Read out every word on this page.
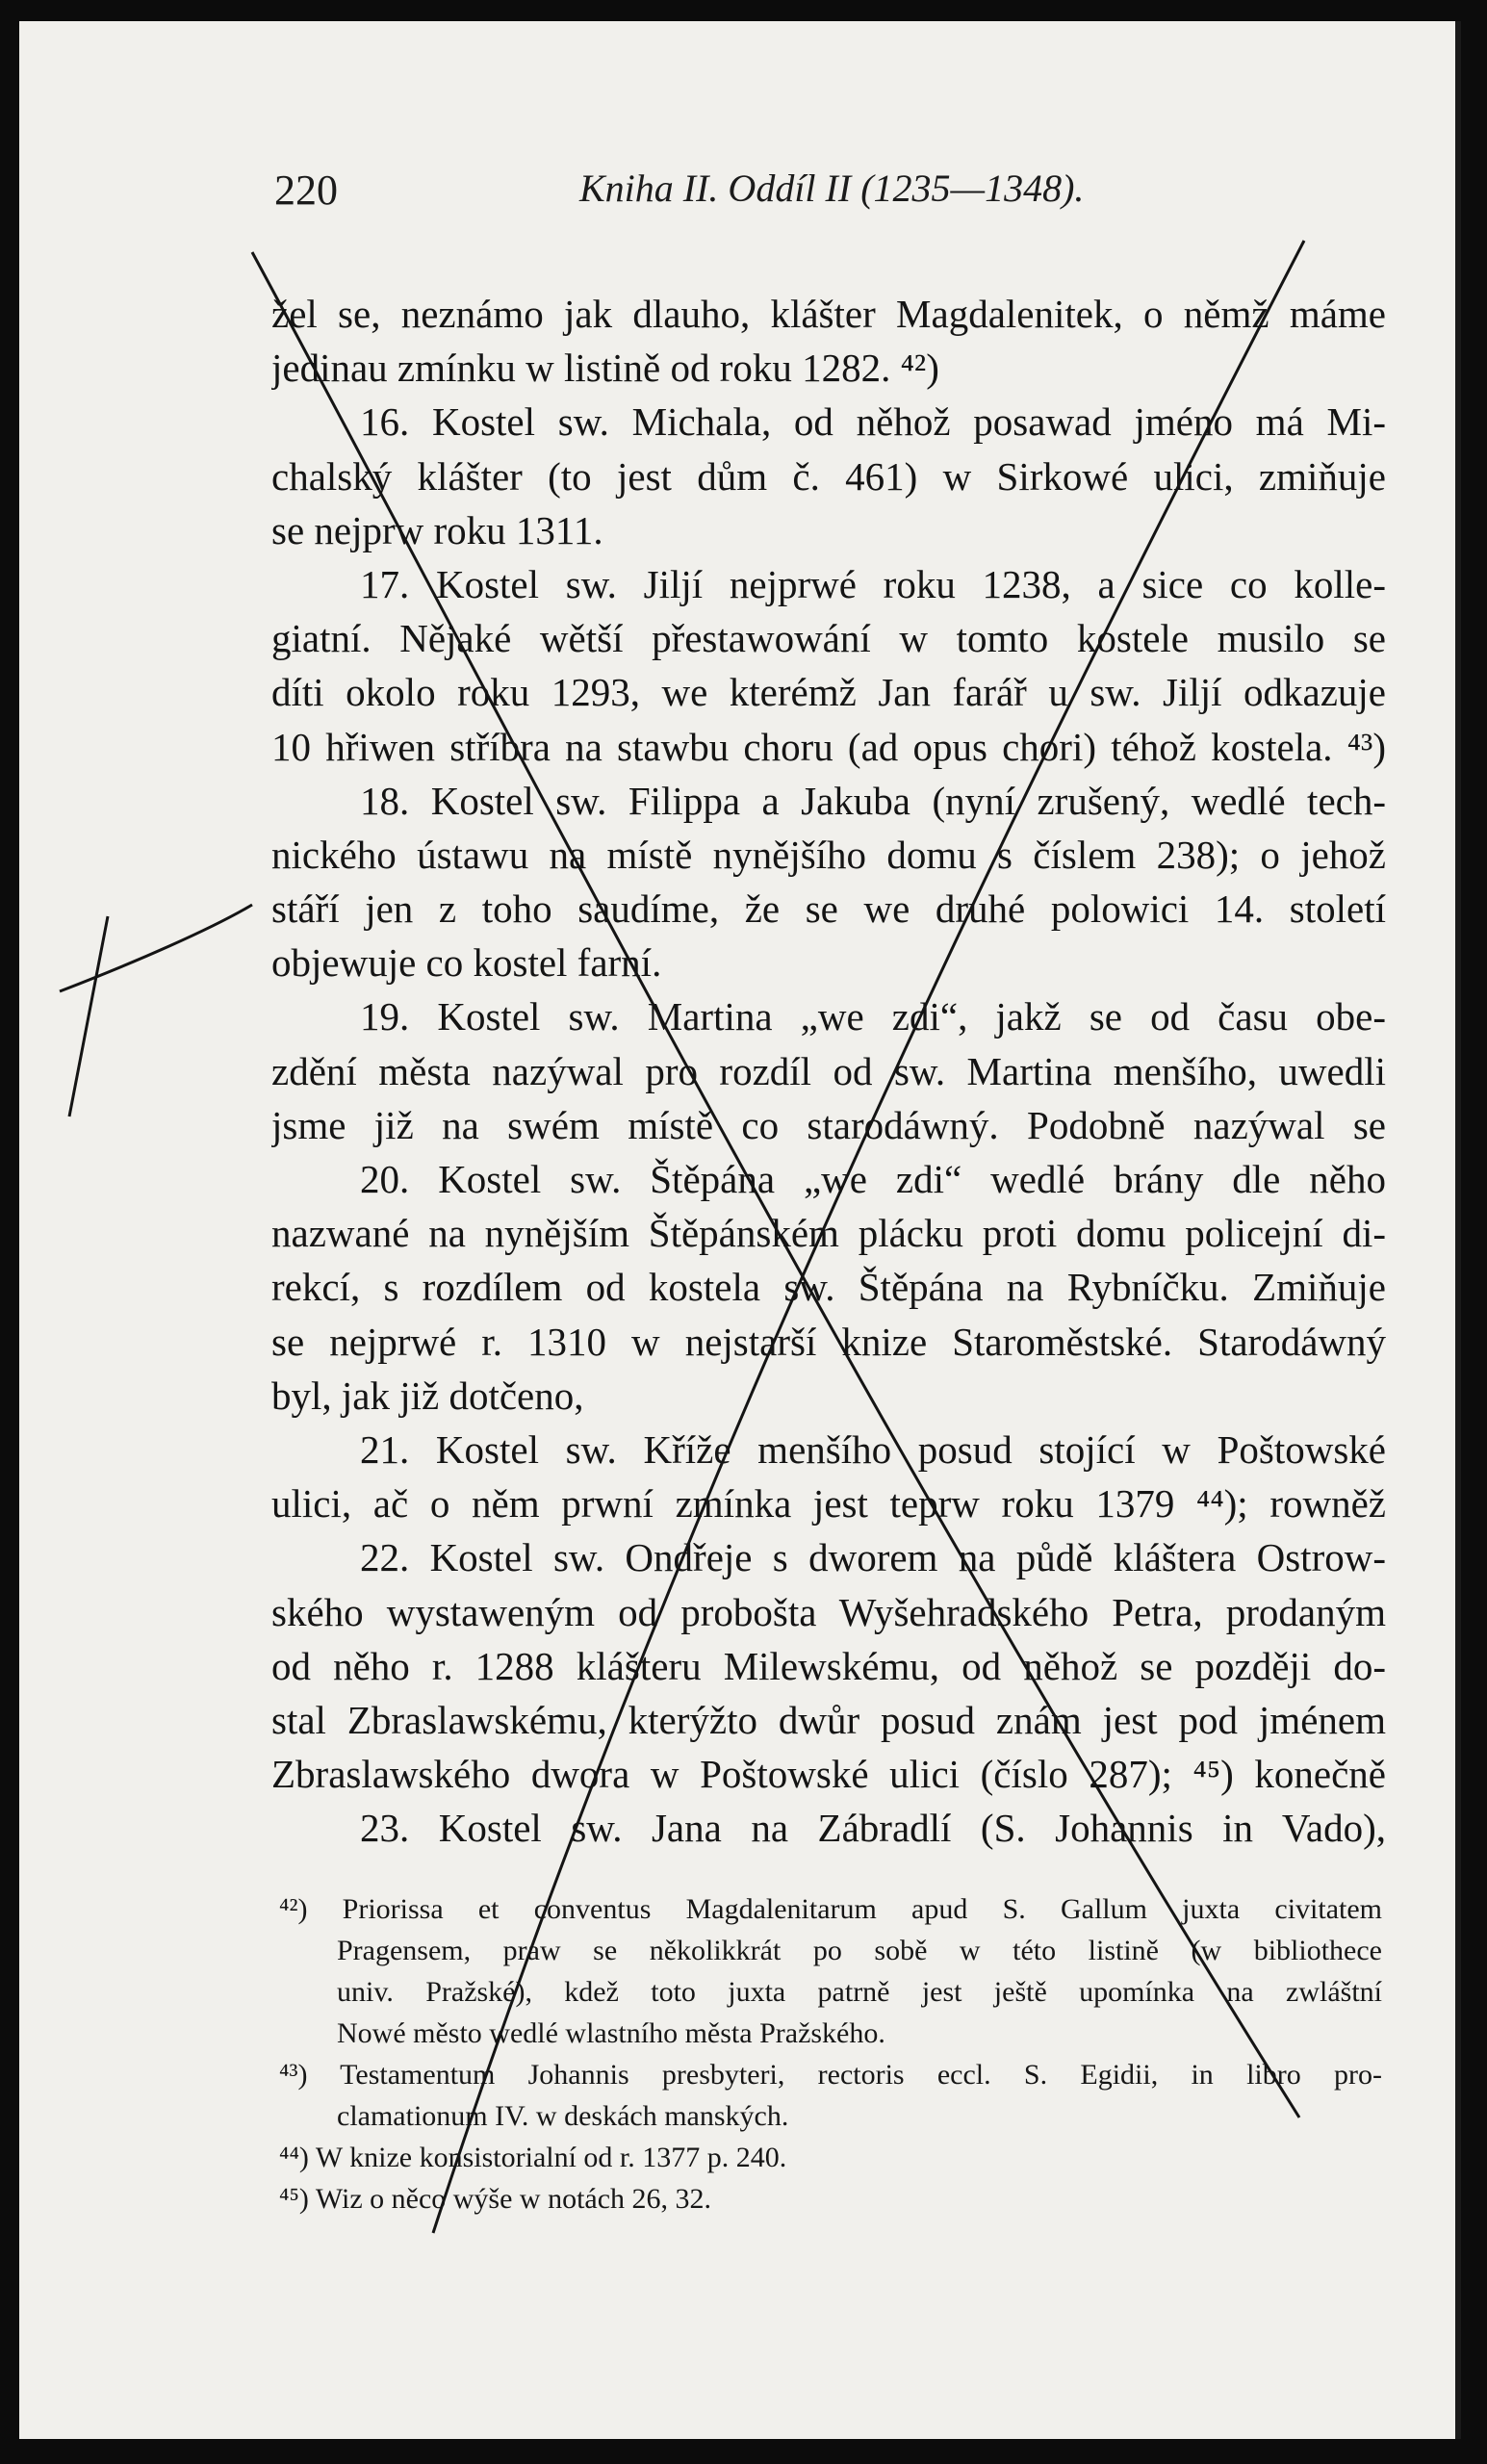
220	Kniha II. Oddíl II (1235—1348).
žel se, neznámo jak dlauho, klášter Magdalenitek, o němž máme
jedinau zmínku w listině od roku 1282. ⁴²)
16. Kostel sw. Michala, od něhož posawad jméno má Mi-
chalský klášter (to jest dům č. 461) w Sirkowé ulici, zmiňuje
se nejprw roku 1311.
17. Kostel sw. Jiljí nejprwé roku 1238, a sice co kolle-
giatní. Nějaké wětší přestawowání w tomto kostele musilo se
díti okolo roku 1293, we kterémž Jan farář u sw. Jiljí odkazuje
10 hřiwen stříbra na stawbu choru (ad opus chori) téhož kostela. ⁴³)
18. Kostel sw. Filippa a Jakuba (nyní zrušený, wedlé tech-
nického ústawu na místě nynějšího domu s číslem 238); o jehož
stáří jen z toho saudíme, že se we druhé polowici 14. století
objewuje co kostel farní.
19. Kostel sw. Martina „we zdi“, jakž se od času obe-
zdění města nazýwal pro rozdíl od sw. Martina menšího, uwedli
jsme již na swém místě co starodáwný. Podobně nazýwal se
20. Kostel sw. Štěpána „we zdi“ wedlé brány dle něho
nazwané na nynějším Štěpánském plácku proti domu policejní di-
rekcí, s rozdílem od kostela sw. Štěpána na Rybníčku. Zmiňuje
se nejprwé r. 1310 w nejstarší knize Staroměstské. Starodáwný
byl, jak již dotčeno,
21. Kostel sw. Kříže menšího posud stojící w Poštowské
ulici, ač o něm prwní zmínka jest teprw roku 1379 ⁴⁴); rowněž
22. Kostel sw. Ondřeje s dworem na půdě kláštera Ostrow-
ského wystaweným od probošta Wyšehradského Petra, prodaným
od něho r. 1288 klášteru Milewskému, od něhož se později do-
stal Zbraslawskému, kterýžto dwůr posud znám jest pod jménem
Zbraslawského dwora w Poštowské ulici (číslo 287); ⁴⁵) konečně
23. Kostel sw. Jana na Zábradlí (S. Johannis in Vado),
⁴²) Priorissa et conventus Magdalenitarum apud S. Gallum juxta civitatem
Pragensem, praw se několikkrát po sobě w této listině (w bibliothece
univ. Pražské), kdež toto juxta patrně jest ještě upomínka na zwláštní
Nowé město wedlé wlastního města Pražského.
⁴³) Testamentum Johannis presbyteri, rectoris eccl. S. Egidii, in libro pro-
clamationum IV. w deskách manských.
⁴⁴) W knize konsistorialní od r. 1377 p. 240.
⁴⁵) Wiz o něco wýše w notách 26, 32.
